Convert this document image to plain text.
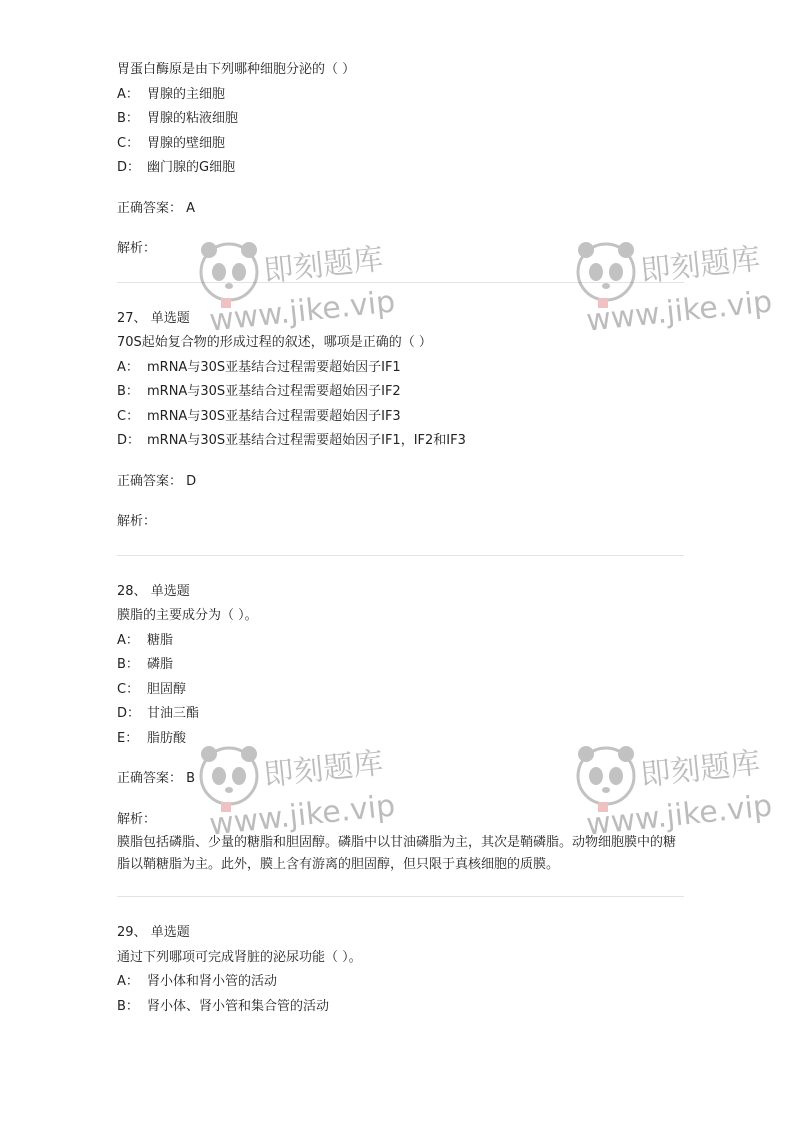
胃蛋白酶原是由下列哪种细胞分泌的（ ）
A： 胃腺的主细胞
B： 胃腺的粘液细胞
C： 胃腺的壁细胞
D： 幽门腺的G细胞
正确答案： A
解析：
27、 单选题
70S起始复合物的形成过程的叙述，哪项是正确的（ ）
A： mRNA与30S亚基结合过程需要超始因子IF1
B： mRNA与30S亚基结合过程需要超始因子IF2
C： mRNA与30S亚基结合过程需要超始因子IF3
D： mRNA与30S亚基结合过程需要超始因子IF1，IF2和IF3
正确答案： D
解析：
28、 单选题
膜脂的主要成分为（ ）。
A： 糖脂
B： 磷脂
C： 胆固醇
D： 甘油三酯
E： 脂肪酸
正确答案： B
解析：
膜脂包括磷脂、少量的糖脂和胆固醇。磷脂中以甘油磷脂为主，其次是鞘磷脂。动物细胞膜中的糖脂以鞘糖脂为主。此外，膜上含有游离的胆固醇，但只限于真核细胞的质膜。
29、 单选题
通过下列哪项可完成肾脏的泌尿功能（ ）。
A： 肾小体和肾小管的活动
B： 肾小体、肾小管和集合管的活动
即刻题库
www.jike.vip
即刻题库
www.jike.vip
即刻题库
www.jike.vip
即刻题库
www.jike.vip
